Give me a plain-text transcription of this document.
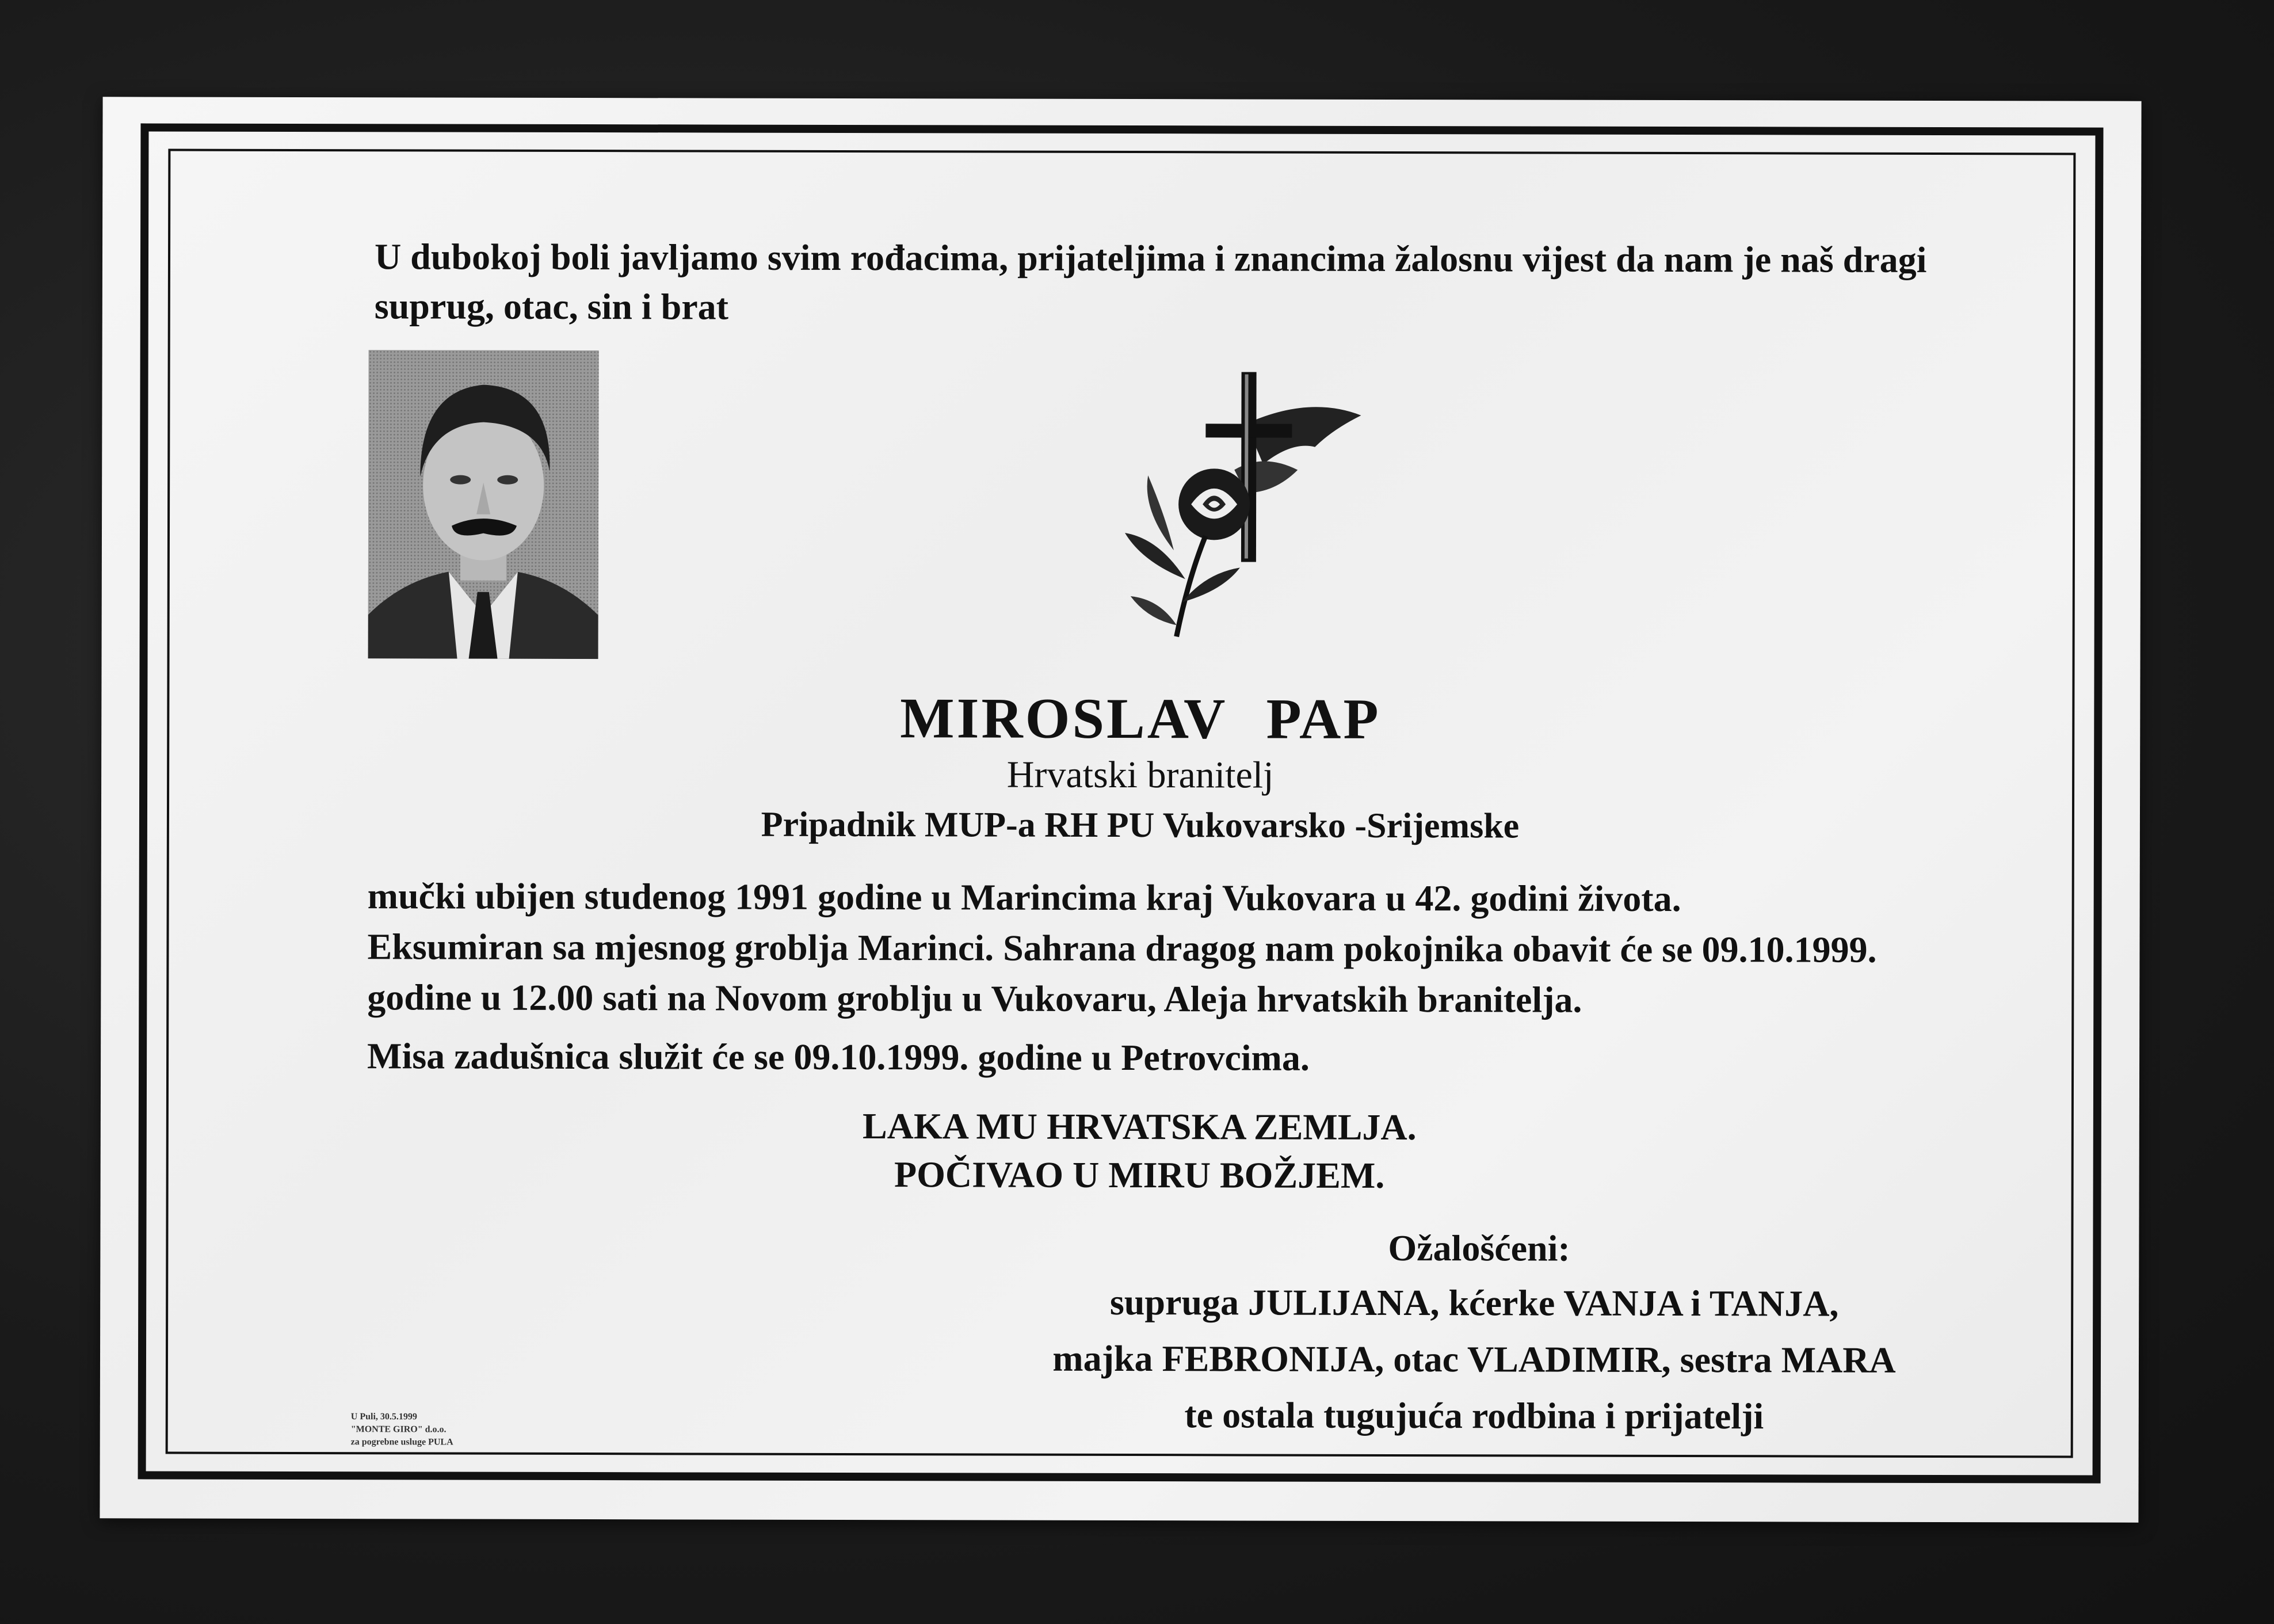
U dubokoj boli javljamo svim rođacima, prijateljima i znancima žalosnu vijest da nam je naš dragi
suprug, otac, sin i brat
MIROSLAV PAP
Hrvatski branitelj
Pripadnik MUP-a RH PU Vukovarsko -Srijemske
mučki ubijen studenog 1991 godine u Marincima kraj Vukovara u 42. godini života.
Eksumiran sa mjesnog groblja Marinci. Sahrana dragog nam pokojnika obavit će se 09.10.1999.
godine u 12.00 sati na Novom groblju u Vukovaru, Aleja hrvatskih branitelja.
Misa zadušnica služit će se 09.10.1999. godine u Petrovcima.
LAKA MU HRVATSKA ZEMLJA.
POČIVAO U MIRU BOŽJEM.
Ožalošćeni:
supruga JULIJANA, kćerke VANJA i TANJA,
majka FEBRONIJA, otac VLADIMIR, sestra MARA
te ostala tugujuća rodbina i prijatelji
U Puli, 30.5.1999
"MONTE GIRO" d.o.o.
za pogrebne usluge PULA
